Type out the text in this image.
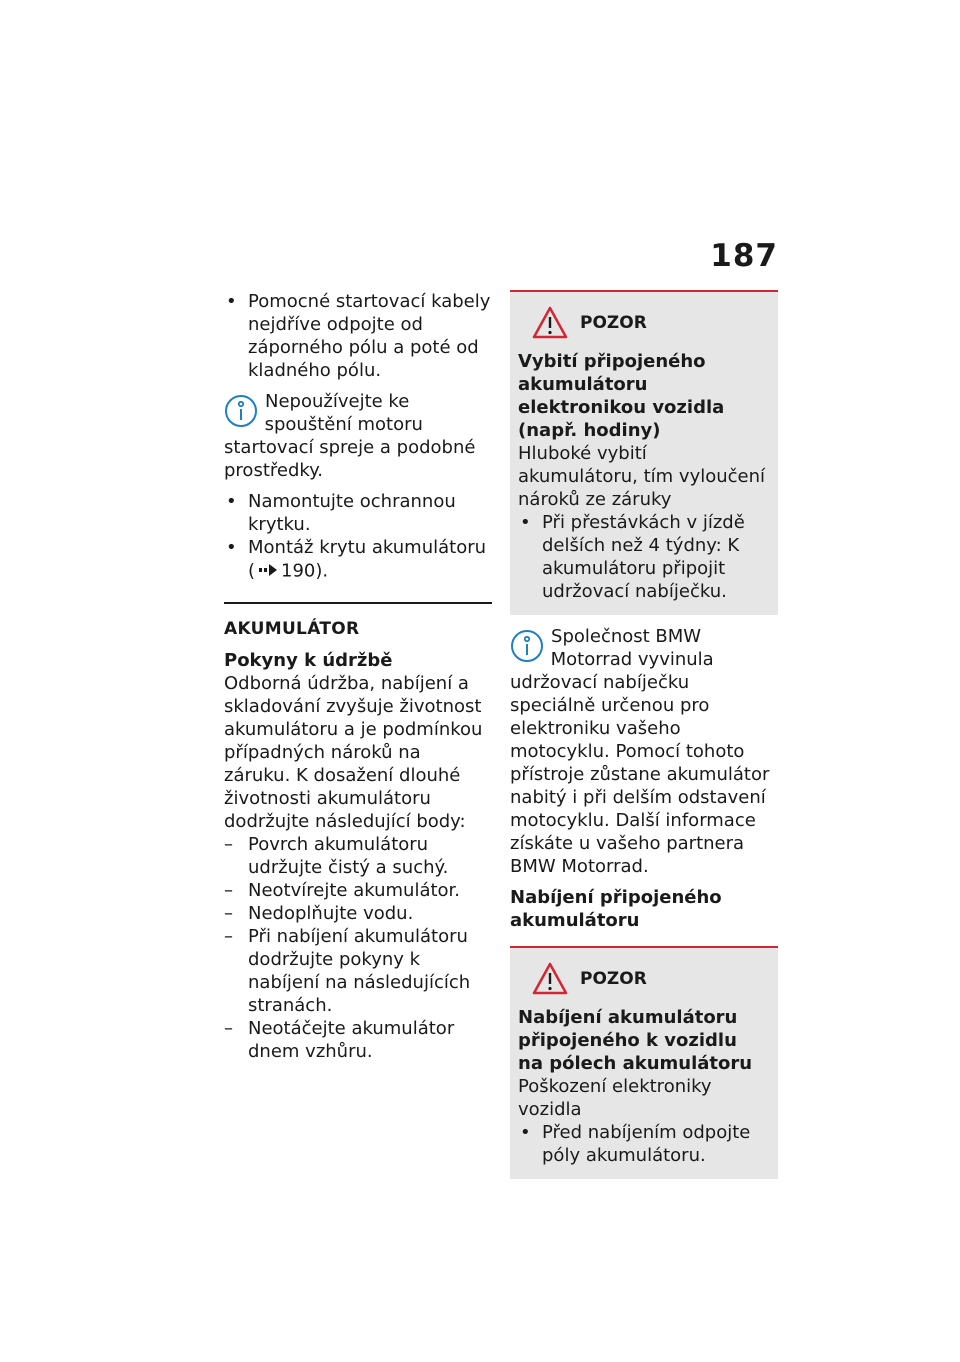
187
• Pomocné startovací kabely nejdříve odpojte od záporného pólu a poté od kladného pólu.
Nepoužívejte ke spouštění motoru startovací spreje a podobné prostředky.
• Namontujte ochrannou krytku.
• Montáž krytu akumulátoru
( 190).
AKUMULÁTOR
Pokyny k údržbě
Odborná údržba, nabíjení a skladování zvyšuje životnost akumulátoru a je podmínkou případných nároků na záruku. K dosažení dlouhé životnosti akumulátoru dodržujte následující body:
– Povrch akumulátoru udržujte čistý a suchý.
– Neotvírejte akumulátor.
– Nedoplňujte vodu.
– Při nabíjení akumulátoru dodržujte pokyny k nabíjení na následujících stranách.
– Neotáčejte akumulátor dnem vzhůru.
POZOR
Vybití připojeného akumulátoru elektronikou vozidla (např. hodiny)
Hluboké vybití akumulátoru, tím vyloučení nároků ze záruky
• Při přestávkách v jízdě delších než 4 týdny: K akumulátoru připojit udržovací nabíječku.
Společnost BMW Motorrad vyvinula udržovací nabíječku speciálně určenou pro elektroniku vašeho motocyklu. Pomocí tohoto přístroje zůstane akumulátor nabitý i při delším odstavení motocyklu. Další informace získáte u vašeho partnera BMW Motorrad.
Nabíjení připojeného akumulátoru
POZOR
Nabíjení akumulátoru připojeného k vozidlu na pólech akumulátoru
Poškození elektroniky vozidla
• Před nabíjením odpojte póly akumulátoru.
